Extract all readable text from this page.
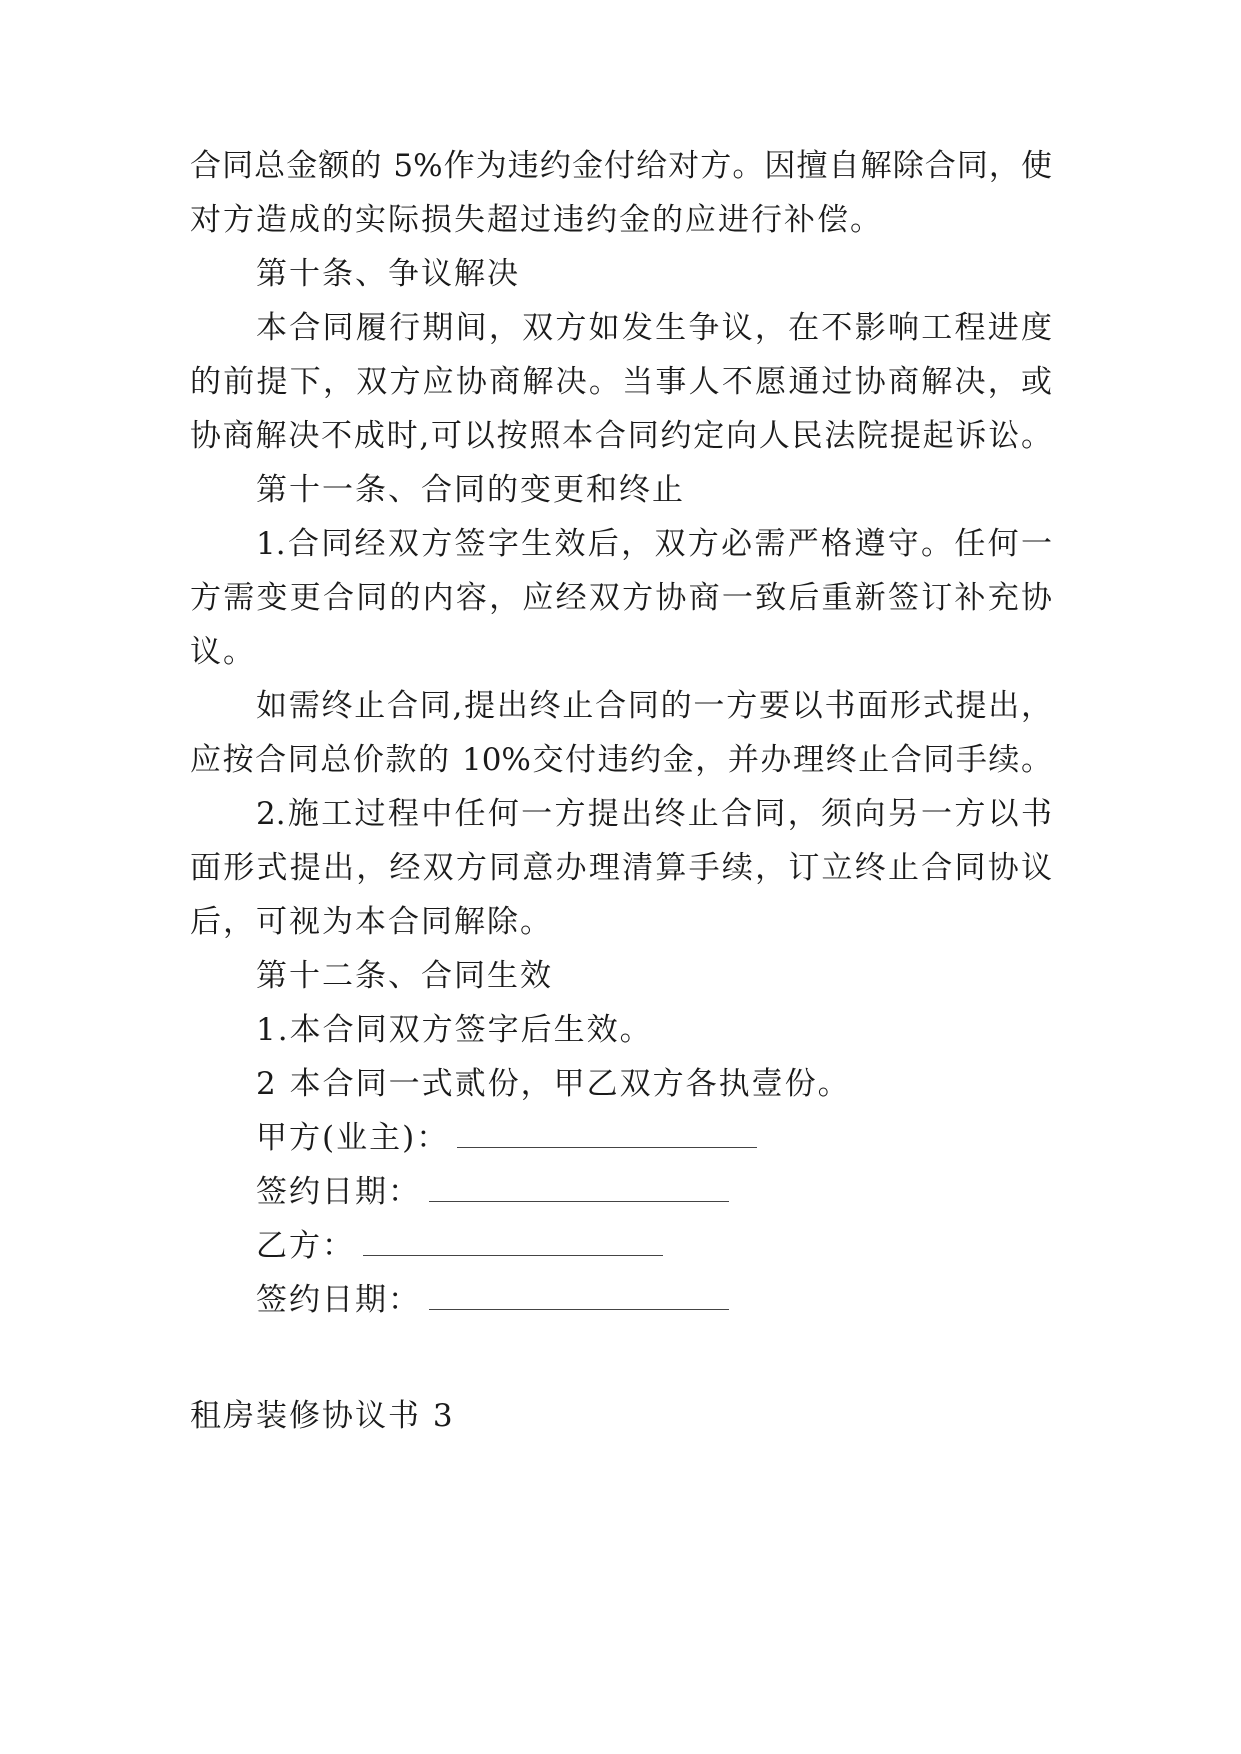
合同总金额的 5%作为违约金付给对方。因擅自解除合同，使
对方造成的实际损失超过违约金的应进行补偿。
第十条、争议解决
本合同履行期间，双方如发生争议，在不影响工程进度
的前提下，双方应协商解决。当事人不愿通过协商解决，或
协商解决不成时,可以按照本合同约定向人民法院提起诉讼。
第十一条、合同的变更和终止
1.合同经双方签字生效后，双方必需严格遵守。任何一
方需变更合同的内容，应经双方协商一致后重新签订补充协
议。
如需终止合同,提出终止合同的一方要以书面形式提出，
应按合同总价款的 10%交付违约金，并办理终止合同手续。
2.施工过程中任何一方提出终止合同，须向另一方以书
面形式提出，经双方同意办理清算手续，订立终止合同协议
后，可视为本合同解除。
第十二条、合同生效
1.本合同双方签字后生效。
2 本合同一式贰份，甲乙双方各执壹份。
甲方(业主)：
签约日期：
乙方：
签约日期：
租房装修协议书 3
